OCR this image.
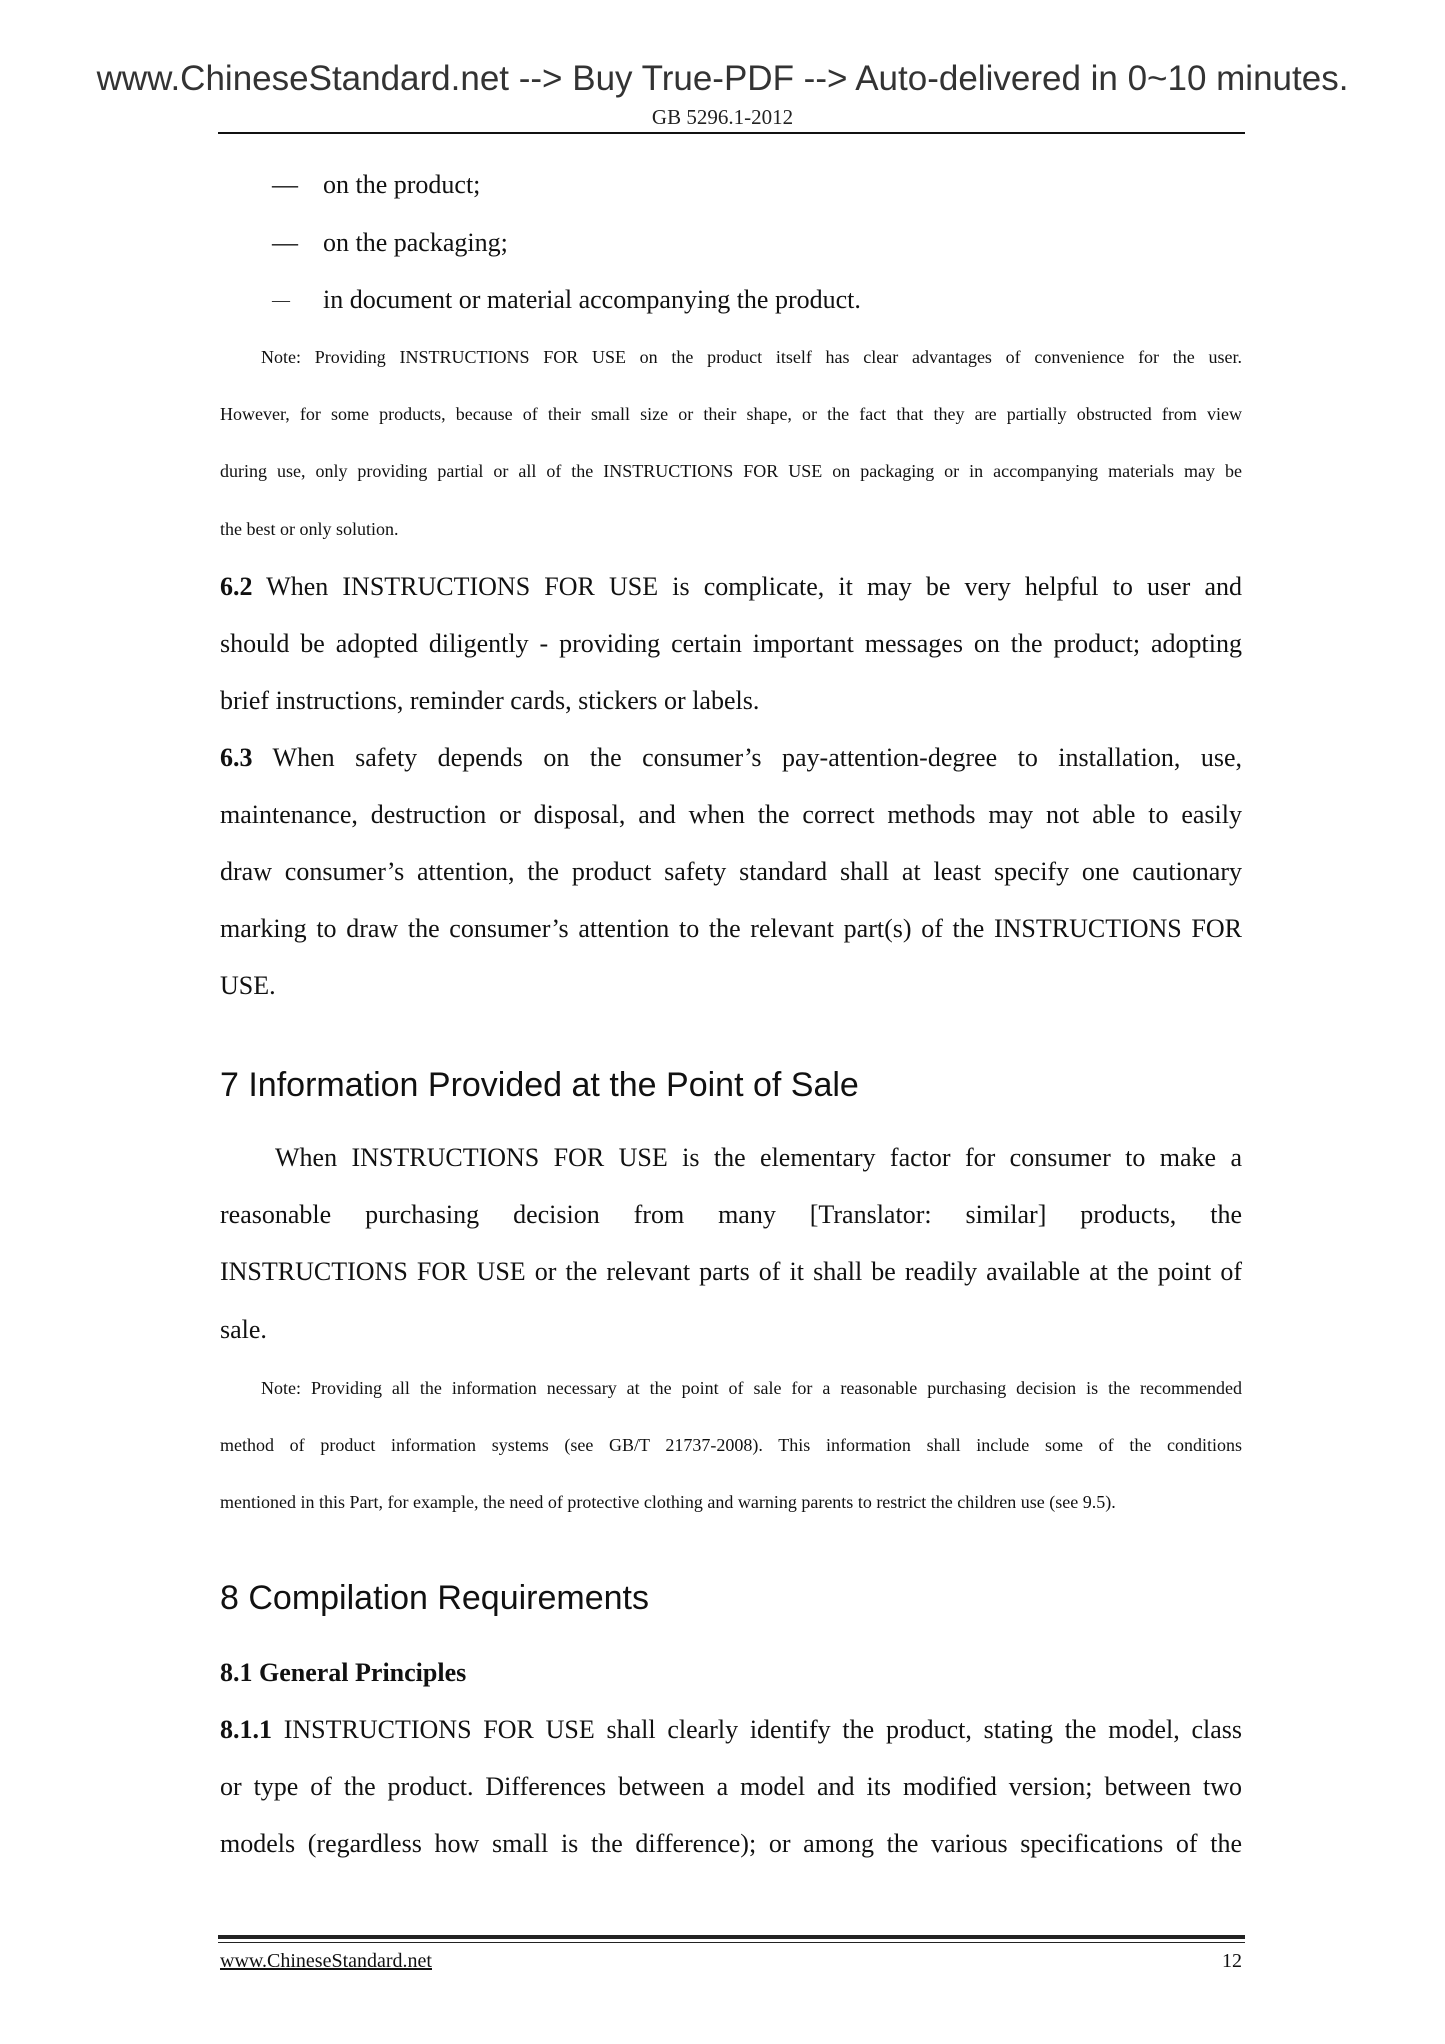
www.ChineseStandard.net --> Buy True-PDF --> Auto-delivered in 0~10 minutes.
GB 5296.1-2012
— on the product;
— on the packaging;
— in document or material accompanying the product.
Note: Providing INSTRUCTIONS FOR USE on the product itself has clear advantages of convenience for the user.
However, for some products, because of their small size or their shape, or the fact that they are partially obstructed from view
during use, only providing partial or all of the INSTRUCTIONS FOR USE on packaging or in accompanying materials may be
the best or only solution.
6.2 When INSTRUCTIONS FOR USE is complicate, it may be very helpful to user and
should be adopted diligently - providing certain important messages on the product; adopting
brief instructions, reminder cards, stickers or labels.
6.3 When safety depends on the consumer’s pay-attention-degree to installation, use,
maintenance, destruction or disposal, and when the correct methods may not able to easily
draw consumer’s attention, the product safety standard shall at least specify one cautionary
marking to draw the consumer’s attention to the relevant part(s) of the INSTRUCTIONS FOR
USE.
7 Information Provided at the Point of Sale
When INSTRUCTIONS FOR USE is the elementary factor for consumer to make a
reasonable purchasing decision from many [Translator: similar] products, the
INSTRUCTIONS FOR USE or the relevant parts of it shall be readily available at the point of
sale.
Note: Providing all the information necessary at the point of sale for a reasonable purchasing decision is the recommended
method of product information systems (see GB/T 21737-2008). This information shall include some of the conditions
mentioned in this Part, for example, the need of protective clothing and warning parents to restrict the children use (see 9.5).
8 Compilation Requirements
8.1 General Principles
8.1.1 INSTRUCTIONS FOR USE shall clearly identify the product, stating the model, class
or type of the product. Differences between a model and its modified version; between two
models (regardless how small is the difference); or among the various specifications of the
www.ChineseStandard.net	12
